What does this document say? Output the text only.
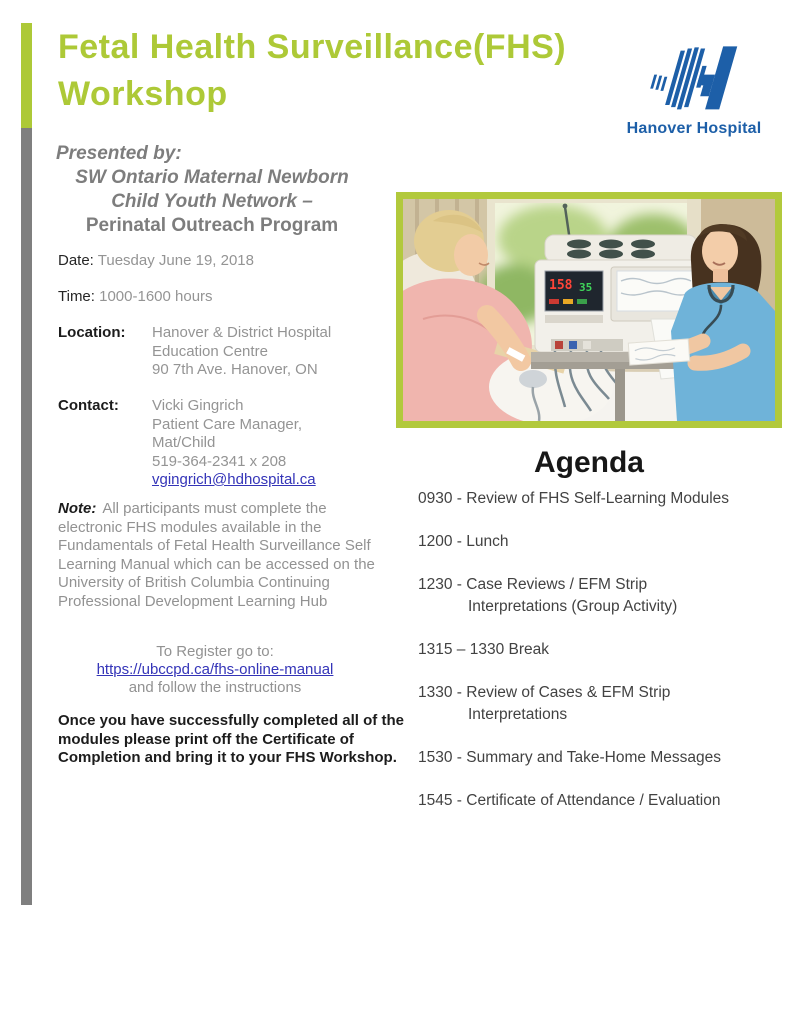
Fetal Health Surveillance(FHS)
Workshop
Hanover Hospital
Presented by:
SW Ontario Maternal Newborn
Child Youth Network –
Perinatal Outreach Program
Date: Tuesday June 19, 2018
Time: 1000-1600 hours
Location:	Hanover & District Hospital
Education Centre
90 7th Ave. Hanover, ON
Contact:	Vicki Gingrich
Patient Care Manager,
Mat/Child
519-364-2341 x 208
vgingrich@hdhospital.ca
Note: All participants must complete the electronic FHS modules available in the Fundamentals of Fetal Health Surveillance Self Learning Manual which can be accessed on the University of British Columbia Continuing Professional Development Learning Hub
To Register go to:
https://ubccpd.ca/fhs-online-manual
and follow the instructions
Once you have successfully completed all of the modules please print off the Certificate of Completion and bring it to your FHS Workshop.
158 35
Agenda
0930 - Review of FHS Self-Learning Modules
1200 - Lunch
1230 - Case Reviews / EFM Strip
Interpretations (Group Activity)
1315 – 1330 Break
1330 - Review of Cases & EFM Strip
Interpretations
1530 - Summary and Take-Home Messages
1545 - Certificate of Attendance / Evaluation
